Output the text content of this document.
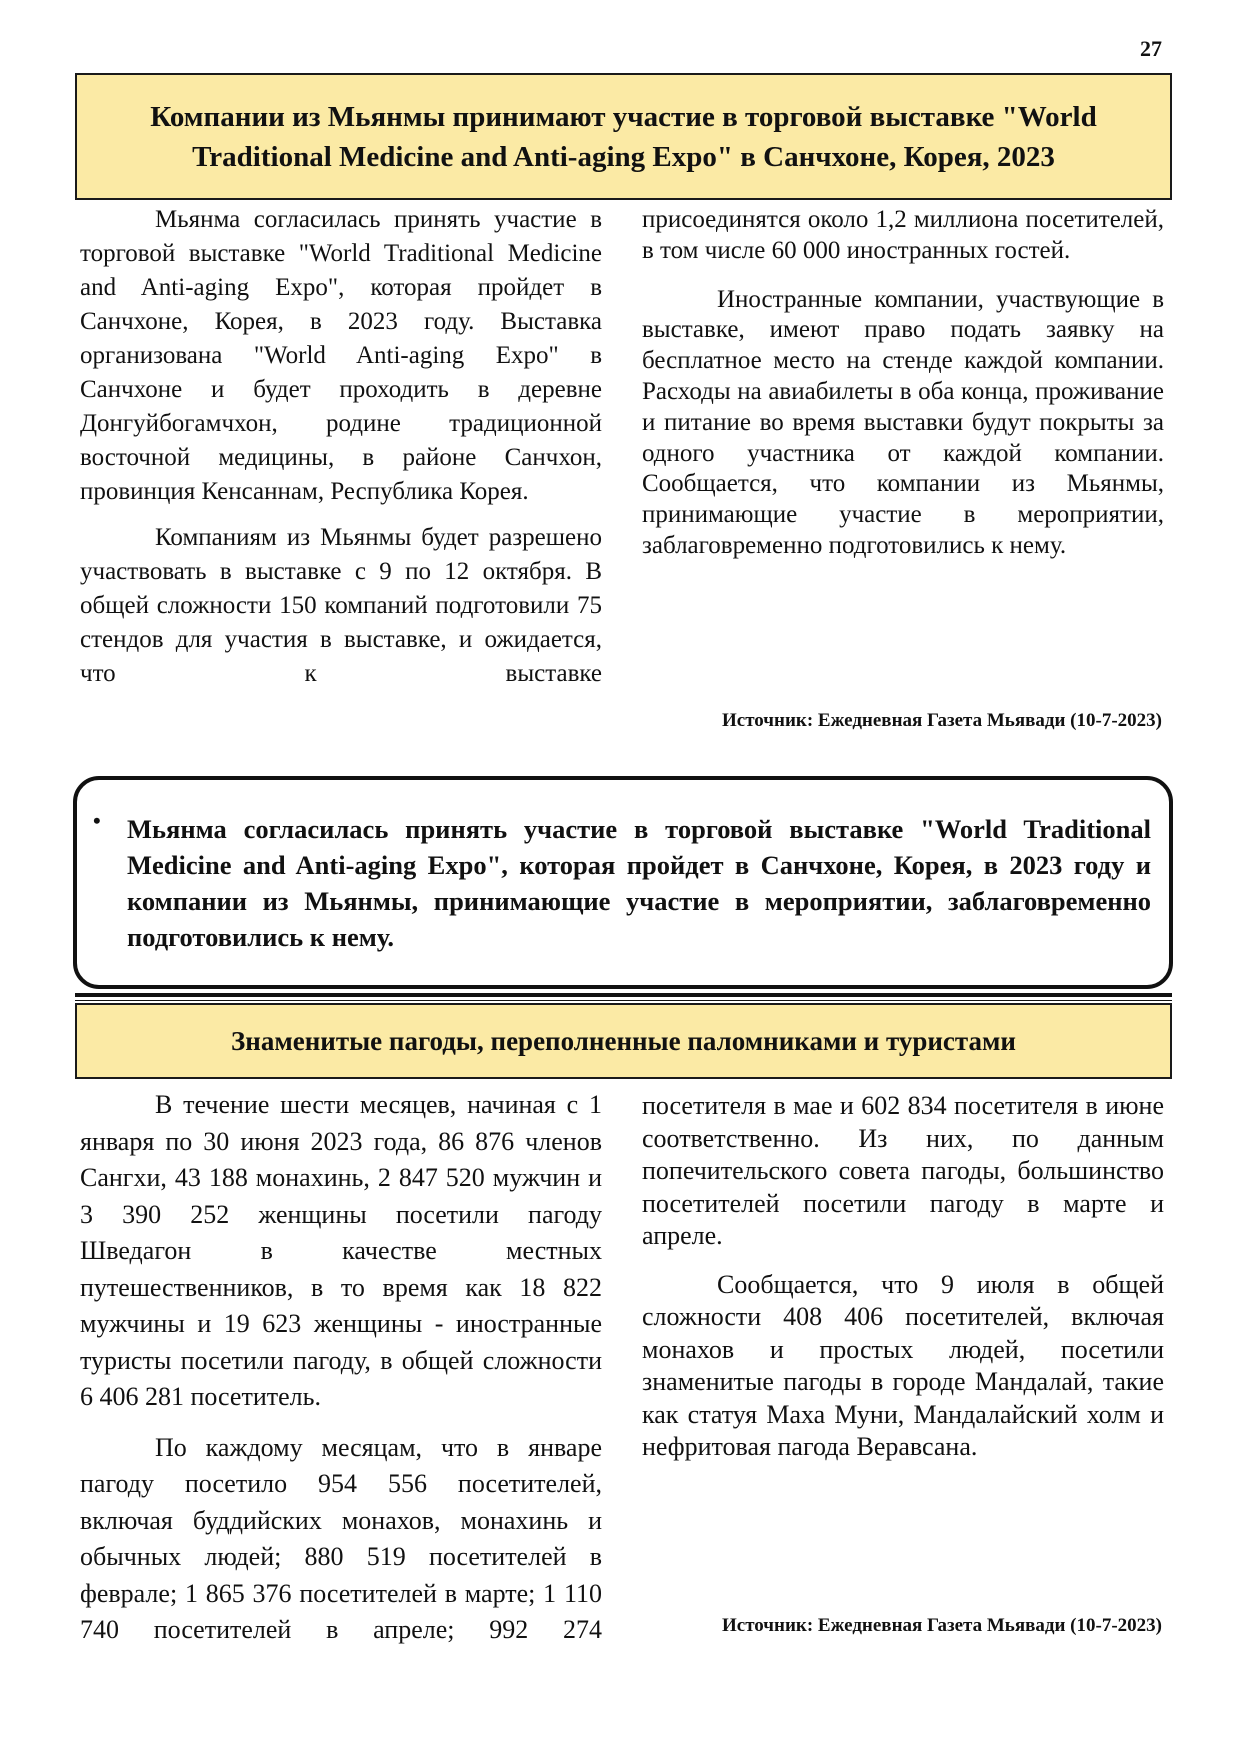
27
Компании из Мьянмы принимают участие в торговой выставке "World Traditional Medicine and Anti-aging Expo" в Санчхоне, Корея, 2023

Мьянма согласилась принять участие в торговой выставке "World Traditional Medicine and Anti-aging Expo", которая пройдет в Санчхоне, Корея, в 2023 году. Выставка организована "World Anti-aging Expo" в Санчхоне и будет проходить в деревне Донгуйбогамчхон, родине традиционной восточной медицины, в районе Санчхон, провинция Кенсаннам, Республика Корея.

Компаниям из Мьянмы будет разрешено участвовать в выставке с 9 по 12 октября. В общей сложности 150 компаний подготовили 75 стендов для участия в выставке, и ожидается, что к выставке

присоединятся около 1,2 миллиона посетителей, в том числе 60 000 иностранных гостей.

Иностранные компании, участвующие в выставке, имеют право подать заявку на бесплатное место на стенде каждой компании. Расходы на авиабилеты в оба конца, проживание и питание во время выставки будут покрыты за одного участника от каждой компании. Сообщается, что компании из Мьянмы, принимающие участие в мероприятии, заблаговременно подготовились к нему.

Источник: Ежедневная Газета Мьявади (10-7-2023)
• Мьянма согласилась принять участие в торговой выставке "World Traditional Medicine and Anti-aging Expo", которая пройдет в Санчхоне, Корея, в 2023 году и компании из Мьянмы, принимающие участие в мероприятии, заблаговременно подготовились к нему.
Знаменитые пагоды, переполненные паломниками и туристами

В течение шести месяцев, начиная с 1 января по 30 июня 2023 года, 86 876 членов Сангхи, 43 188 монахинь, 2 847 520 мужчин и 3 390 252 женщины посетили пагоду Шведагон в качестве местных путешественников, в то время как 18 822 мужчины и 19 623 женщины - иностранные туристы посетили пагоду, в общей сложности 6 406 281 посетитель.

По каждому месяцам, что в январе пагоду посетило 954 556 посетителей, включая буддийских монахов, монахинь и обычных людей; 880 519 посетителей в феврале; 1 865 376 посетителей в марте; 1 110 740 посетителей в апреле; 992 274

посетителя в мае и 602 834 посетителя в июне соответственно. Из них, по данным попечительского совета пагоды, большинство посетителей посетили пагоду в марте и апреле.

Сообщается, что 9 июля в общей сложности 408 406 посетителей, включая монахов и простых людей, посетили знаменитые пагоды в городе Мандалай, такие как статуя Маха Муни, Мандалайский холм и нефритовая пагода Веравсана.

Источник: Ежедневная Газета Мьявади (10-7-2023)
